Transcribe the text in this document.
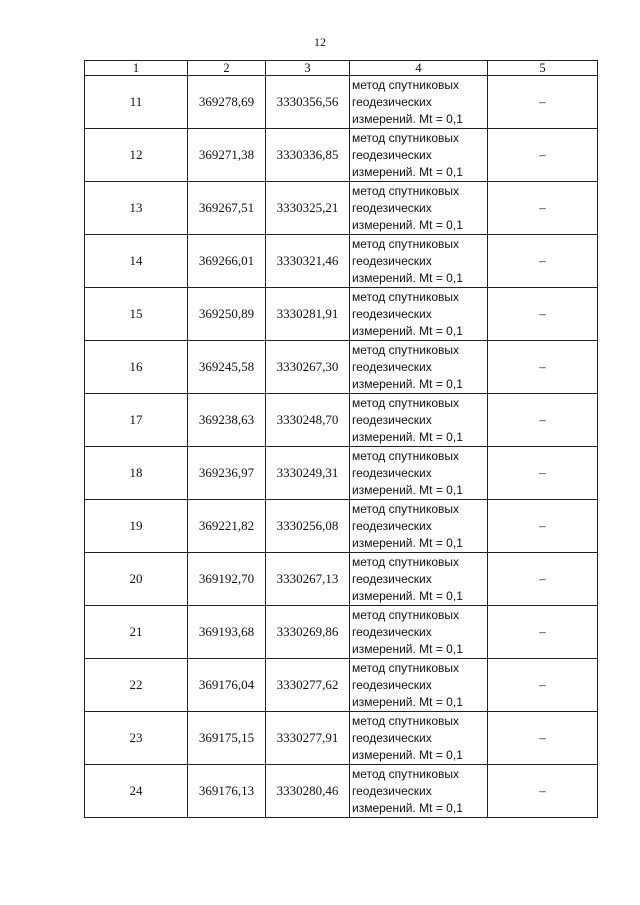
12
1	2	3	4	5
11	369278,69	3330356,56	метод спутниковых
геодезических
измерений. Mt = 0,1	–
12	369271,38	3330336,85	метод спутниковых
геодезических
измерений. Mt = 0,1	–
13	369267,51	3330325,21	метод спутниковых
геодезических
измерений. Mt = 0,1	–
14	369266,01	3330321,46	метод спутниковых
геодезических
измерений. Mt = 0,1	–
15	369250,89	3330281,91	метод спутниковых
геодезических
измерений. Mt = 0,1	–
16	369245,58	3330267,30	метод спутниковых
геодезических
измерений. Mt = 0,1	–
17	369238,63	3330248,70	метод спутниковых
геодезических
измерений. Mt = 0,1	–
18	369236,97	3330249,31	метод спутниковых
геодезических
измерений. Mt = 0,1	–
19	369221,82	3330256,08	метод спутниковых
геодезических
измерений. Mt = 0,1	–
20	369192,70	3330267,13	метод спутниковых
геодезических
измерений. Mt = 0,1	–
21	369193,68	3330269,86	метод спутниковых
геодезических
измерений. Mt = 0,1	–
22	369176,04	3330277,62	метод спутниковых
геодезических
измерений. Mt = 0,1	–
23	369175,15	3330277,91	метод спутниковых
геодезических
измерений. Mt = 0,1	–
24	369176,13	3330280,46	метод спутниковых
геодезических
измерений. Mt = 0,1	–
